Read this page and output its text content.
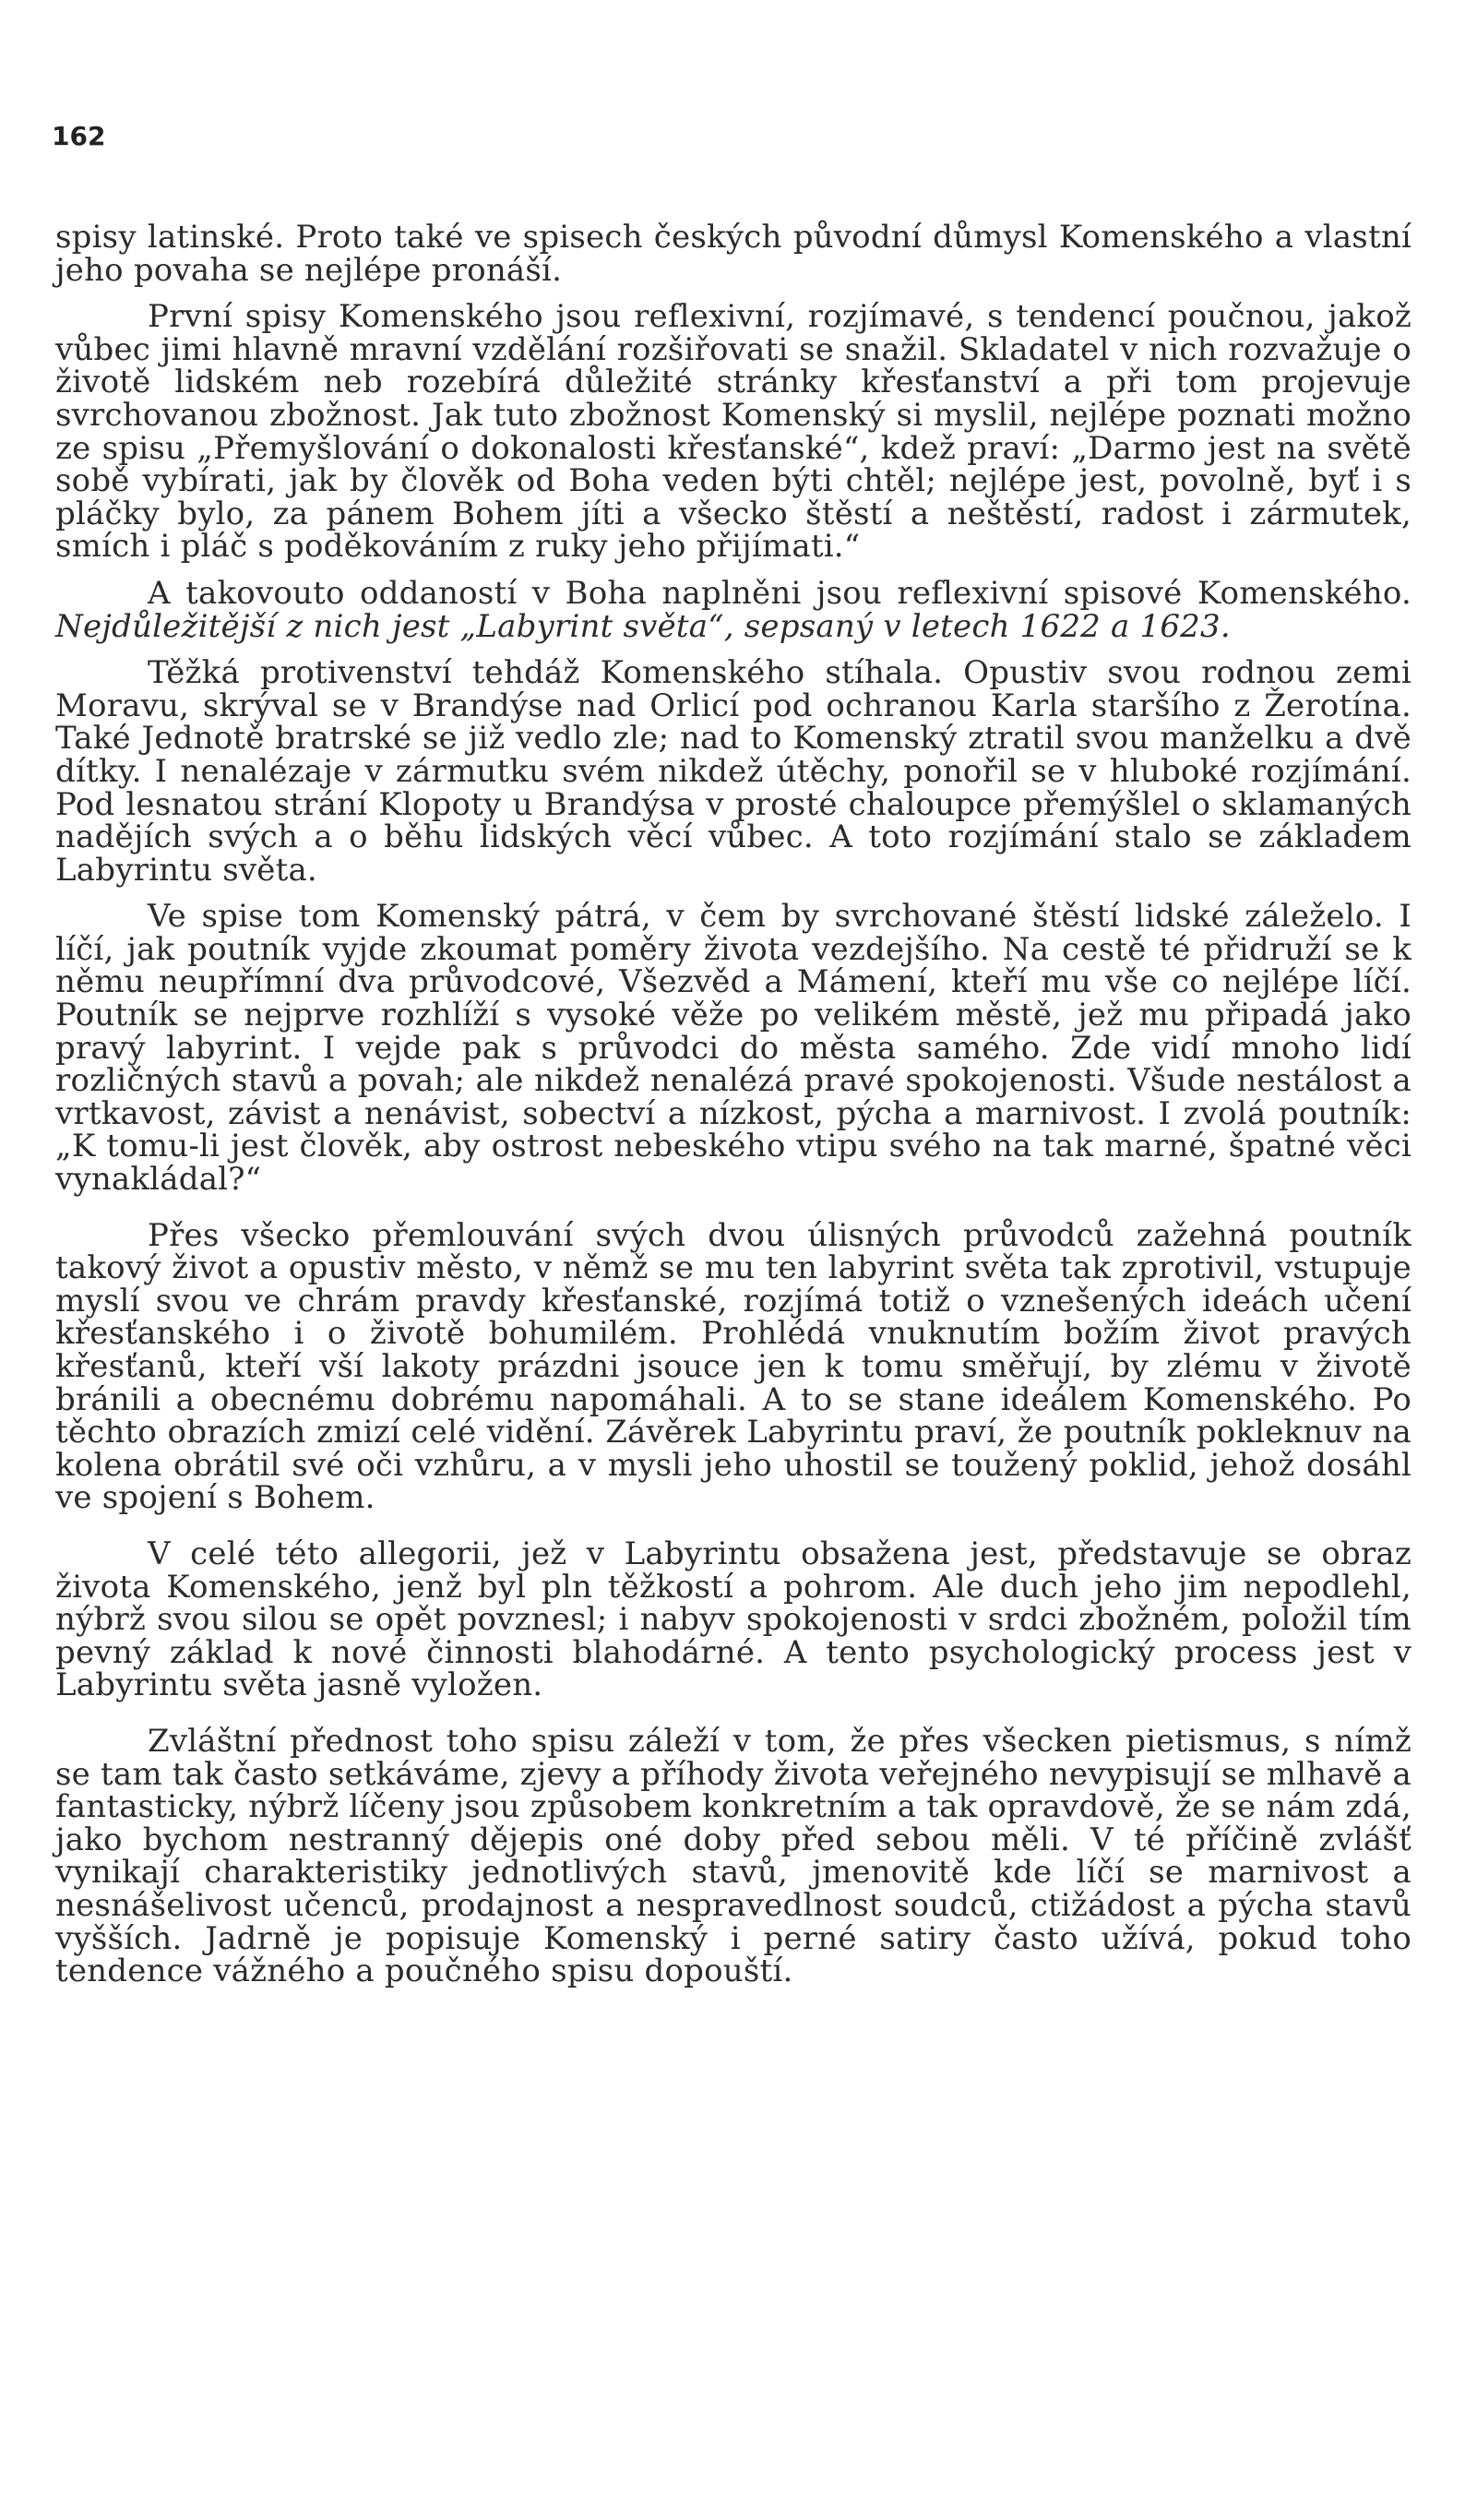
162

spisy latinské. Proto také ve spisech českých původní důmysl Komenského a vlastní jeho povaha se nejlépe pronáší.

První spisy Komenského jsou reflexivní, rozjímavé, s tendencí poučnou, jakož vůbec jimi hlavně mravní vzdělání rozšiřovati se snažil. Skladatel v nich rozvažuje o životě lidském neb rozebírá důležité stránky křesťanství a při tom projevuje svrchovanou zbožnost. Jak tuto zbožnost Komenský si myslil, nejlépe poznati možno ze spisu „Přemyšlování o dokonalosti křesťanské“, kdež praví: „Darmo jest na světě sobě vybírati, jak by člověk od Boha veden býti chtěl; nejlépe jest, povolně, byť i s pláčky bylo, za pánem Bohem jíti a všecko štěstí a neštěstí, radost i zármutek, smích i pláč s poděkováním z ruky jeho přijímati.“

A takovouto oddaností v Boha naplněni jsou reflexivní spisové Komenského. Nejdůležitější z nich jest „Labyrint světa“, sepsaný v letech 1622 a 1623.

Těžká protivenství tehdáž Komenského stíhala. Opustiv svou rodnou zemi Moravu, skrýval se v Brandýse nad Orlicí pod ochranou Karla staršího z Žerotína. Také Jednotě bratrské se již vedlo zle; nad to Komenský ztratil svou manželku a dvě dítky. I nenalézaje v zármutku svém nikdež útěchy, ponořil se v hluboké rozjímání. Pod lesnatou strání Klopoty u Brandýsa v prosté chaloupce přemýšlel o sklamaných nadějích svých a o běhu lidských věcí vůbec. A toto rozjímání stalo se základem Labyrintu světa.

Ve spise tom Komenský pátrá, v čem by svrchované štěstí lidské záleželo. I líčí, jak poutník vyjde zkoumat poměry života vezdejšího. Na cestě té přidruží se k němu neupřímní dva průvodcové, Všezvěd a Mámení, kteří mu vše co nejlépe líčí. Poutník se nejprve rozhlíží s vysoké věže po velikém městě, jež mu připadá jako pravý labyrint. I vejde pak s průvodci do města samého. Zde vidí mnoho lidí rozličných stavů a povah; ale nikdež nenalézá pravé spokojenosti. Všude nestálost a vrtkavost, závist a nenávist, sobectví a nízkost, pýcha a marnivost. I zvolá poutník: „K tomu-li jest člověk, aby ostrost nebeského vtipu svého na tak marné, špatné věci vynakládal?“

Přes všecko přemlouvání svých dvou úlisných průvodců zažehná poutník takový život a opustiv město, v němž se mu ten labyrint světa tak zprotivil, vstupuje myslí svou ve chrám pravdy křesťanské, rozjímá totiž o vznešených ideách učení křesťanského i o životě bohumilém. Prohlédá vnuknutím božím život pravých křesťanů, kteří vší lakoty prázdni jsouce jen k tomu směřují, by zlému v životě bránili a obecnému dobrému napomáhali. A to se stane ideálem Komenského. Po těchto obrazích zmizí celé vidění. Závěrek Labyrintu praví, že poutník pokleknuv na kolena obrátil své oči vzhůru, a v mysli jeho uhostil se toužený poklid, jehož dosáhl ve spojení s Bohem.

V celé této allegorii, jež v Labyrintu obsažena jest, představuje se obraz života Komenského, jenž byl pln těžkostí a pohrom. Ale duch jeho jim nepodlehl, nýbrž svou silou se opět povznesl; i nabyv spokojenosti v srdci zbožném, položil tím pevný základ k nové činnosti blahodárné. A tento psychologický process jest v Labyrintu světa jasně vyložen.

Zvláštní přednost toho spisu záleží v tom, že přes všecken pietismus, s nímž se tam tak často setkáváme, zjevy a příhody života veřejného nevypisují se mlhavě a fantasticky, nýbrž líčeny jsou způsobem konkretním a tak opravdově, že se nám zdá, jako bychom nestranný dějepis oné doby před sebou měli. V té příčině zvlášť vynikají charakteristiky jednotlivých stavů, jmenovitě kde líčí se marnivost a nesnášelivost učenců, prodajnost a nespravedlnost soudců, ctižádost a pýcha stavů vyšších. Jadrně je popisuje Komenský i perné satiry často užívá, pokud toho tendence vážného a poučného spisu dopouští.
